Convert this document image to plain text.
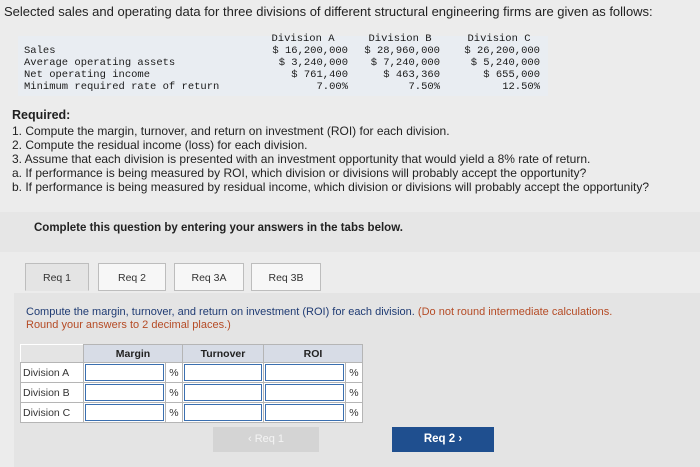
Selected sales and operating data for three divisions of different structural engineering firms are given as follows:
Division A	Division B	Division C
Sales	$ 16,200,000	$ 28,960,000	$ 26,200,000
Average operating assets	$ 3,240,000	$ 7,240,000	$ 5,240,000
Net operating income	$ 761,400	$ 463,360	$ 655,000
Minimum required rate of return	7.00%	7.50%	12.50%
Required:
1. Compute the margin, turnover, and return on investment (ROI) for each division.
2. Compute the residual income (loss) for each division.
3. Assume that each division is presented with an investment opportunity that would yield a 8% rate of return.
a. If performance is being measured by ROI, which division or divisions will probably accept the opportunity?
b. If performance is being measured by residual income, which division or divisions will probably accept the opportunity?
Complete this question by entering your answers in the tabs below.
Req 1	Req 2	Req 3A	Req 3B
Compute the margin, turnover, and return on investment (ROI) for each division. (Do not round intermediate calculations.
Round your answers to 2 decimal places.)
	Margin		Turnover	ROI	
Division A		%			%
Division B		%			%
Division C		%			%
‹ Req 1	Req 2 ›
